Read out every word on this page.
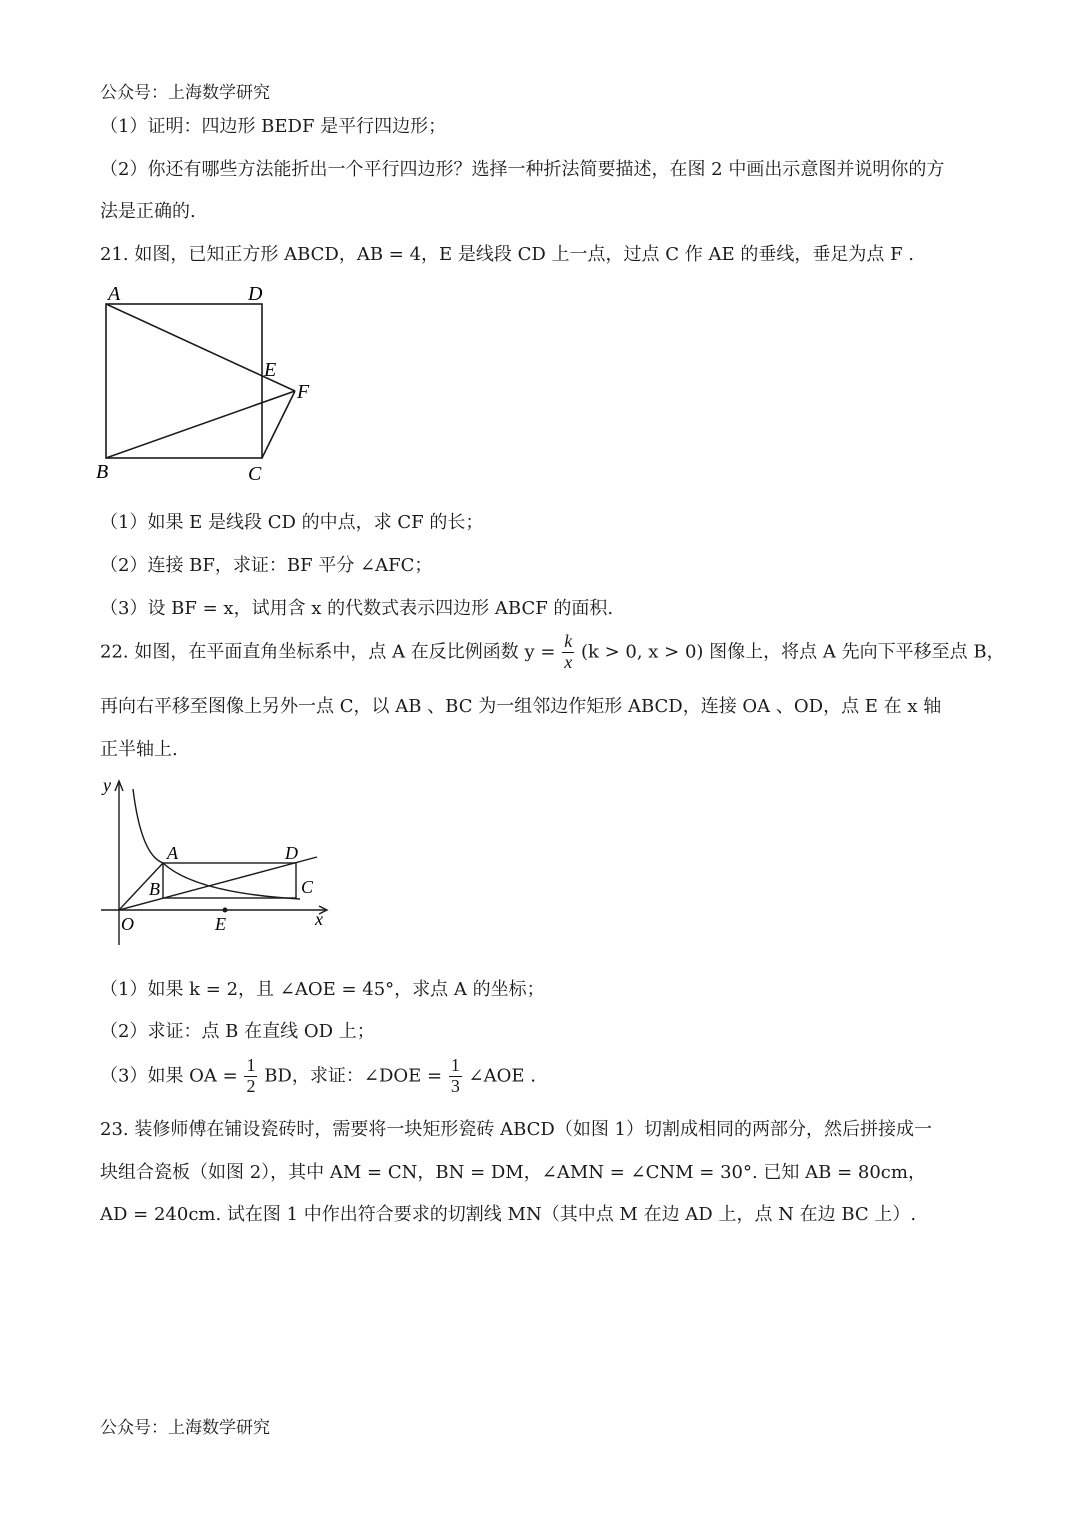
公众号：上海数学研究
（1）证明：四边形 BEDF 是平行四边形；
（2）你还有哪些方法能折出一个平行四边形？选择一种折法简要描述，在图 2 中画出示意图并说明你的方
法是正确的.
21. 如图，已知正方形 ABCD，AB = 4，E 是线段 CD 上一点，过点 C 作 AE 的垂线，垂足为点 F .
A	D
E
F
B	C
（1）如果 E 是线段 CD 的中点，求 CF 的长；
（2）连接 BF，求证：BF 平分 ∠AFC；
（3）设 BF = x，试用含 x 的代数式表示四边形 ABCF 的面积.
22. 如图，在平面直角坐标系中，点 A 在反比例函数 $y = \frac{k}{x} (k > 0$, x > 0) 图像上，将点 A 先向下平移至点 B，
再向右平移至图像上另外一点 C，以 AB 、BC 为一组邻边作矩形 ABCD，连接 OA 、OD，点 E 在 x 轴
正半轴上.
y
x
O
A
B	C
D
E
（1）如果 k = 2，且 ∠AOE = 45°，求点 A 的坐标；
（2）求证：点 B 在直线 OD 上；
（3）如果 OA = $\frac{1}{2}$ BD，求证：∠DOE = $\frac{1}{3}$ ∠AOE .
23. 装修师傅在铺设瓷砖时，需要将一块矩形瓷砖 ABCD（如图 1）切割成相同的两部分，然后拼接成一
块组合瓷板（如图 2），其中 AM = CN，BN = DM，∠AMN = ∠CNM = 30°. 已知 AB = 80cm，
AD = 240cm. 试在图 1 中作出符合要求的切割线 MN（其中点 M 在边 AD 上，点 N 在边 BC 上）.
公众号：上海数学研究
